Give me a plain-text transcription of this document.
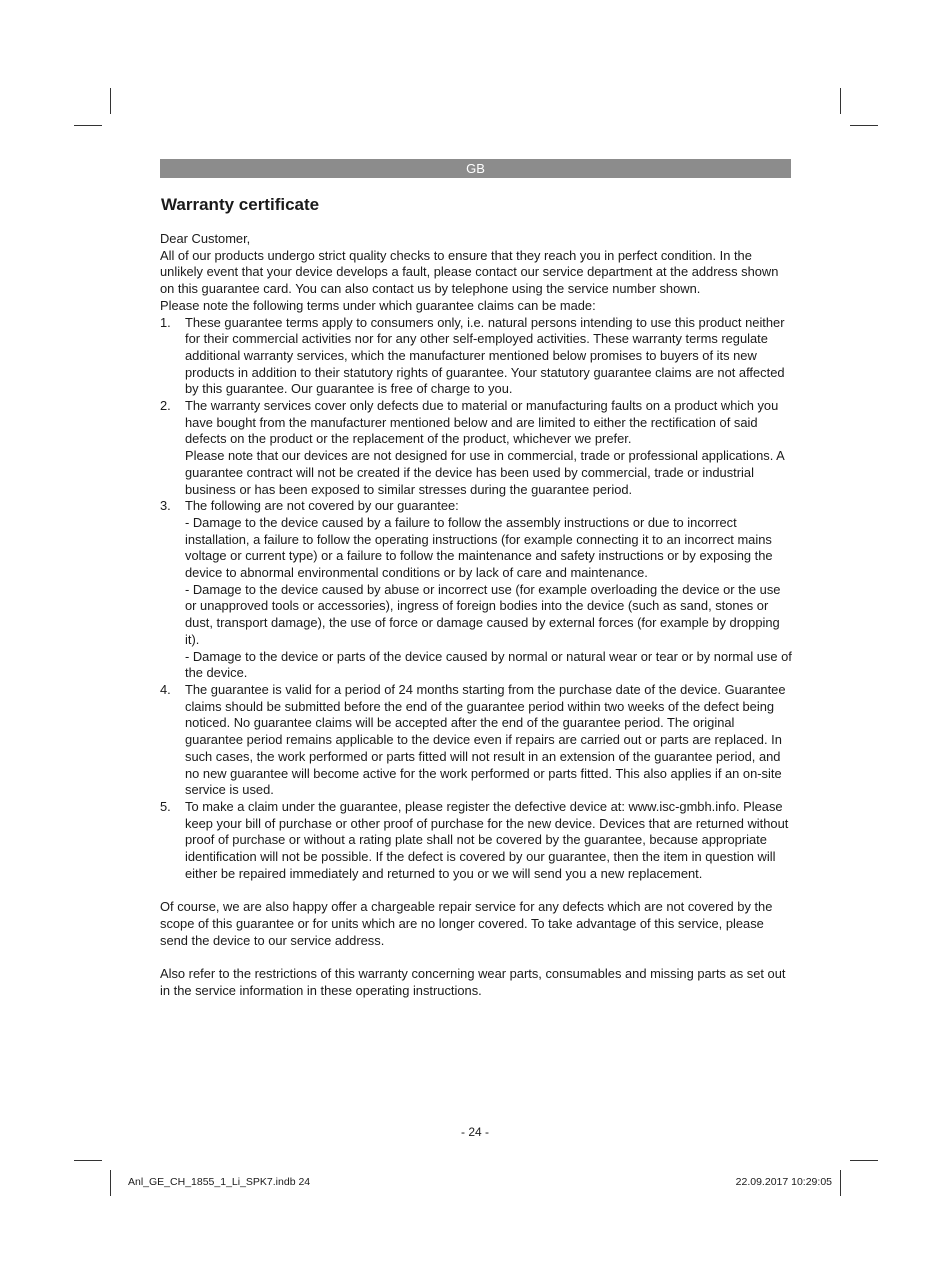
GB
Warranty certificate

Dear Customer,

All of our products undergo strict quality checks to ensure that they reach you in perfect condition. In the unlikely event that your device develops a fault, please contact our service department at the address shown on this guarantee card. You can also contact us by telephone using the service number shown.

Please note the following terms under which guarantee claims can be made:

1. These guarantee terms apply to consumers only, i.e. natural persons intending to use this product neither for their commercial activities nor for any other self-employed activities. These warranty terms regulate additional warranty services, which the manufacturer mentioned below promises to buyers of its new products in addition to their statutory rights of guarantee. Your statutory guarantee claims are not affected by this guarantee. Our guarantee is free of charge to you.

2. The warranty services cover only defects due to material or manufacturing faults on a product which you have bought from the manufacturer mentioned below and are limited to either the rectification of said defects on the product or the replacement of the product, whichever we prefer.

Please note that our devices are not designed for use in commercial, trade or professional applications. A guarantee contract will not be created if the device has been used by commercial, trade or industrial business or has been exposed to similar stresses during the guarantee period.

3. The following are not covered by our guarantee:

- Damage to the device caused by a failure to follow the assembly instructions or due to incorrect installation, a failure to follow the operating instructions (for example connecting it to an incorrect mains voltage or current type) or a failure to follow the maintenance and safety instructions or by exposing the device to abnormal environmental conditions or by lack of care and maintenance.

- Damage to the device caused by abuse or incorrect use (for example overloading the device or the use or unapproved tools or accessories), ingress of foreign bodies into the device (such as sand, stones or dust, transport damage), the use of force or damage caused by external forces (for example by dropping it).

- Damage to the device or parts of the device caused by normal or natural wear or tear or by normal use of the device.

4. The guarantee is valid for a period of 24 months starting from the purchase date of the device. Guarantee claims should be submitted before the end of the guarantee period within two weeks of the defect being noticed. No guarantee claims will be accepted after the end of the guarantee period. The original guarantee period remains applicable to the device even if repairs are carried out or parts are replaced. In such cases, the work performed or parts fitted will not result in an extension of the guarantee period, and no new guarantee will become active for the work performed or parts fitted. This also applies if an on-site service is used.

5. To make a claim under the guarantee, please register the defective device at: www.isc-gmbh.info. Please keep your bill of purchase or other proof of purchase for the new device. Devices that are returned without proof of purchase or without a rating plate shall not be covered by the guarantee, because appropriate identification will not be possible. If the defect is covered by our guarantee, then the item in question will either be repaired immediately and returned to you or we will send you a new replacement.

Of course, we are also happy offer a chargeable repair service for any defects which are not covered by the scope of this guarantee or for units which are no longer covered. To take advantage of this service, please send the device to our service address.

Also refer to the restrictions of this warranty concerning wear parts, consumables and missing parts as set out in the service information in these operating instructions.

- 24 -
Anl_GE_CH_1855_1_Li_SPK7.indb 24	22.09.2017 10:29:05
